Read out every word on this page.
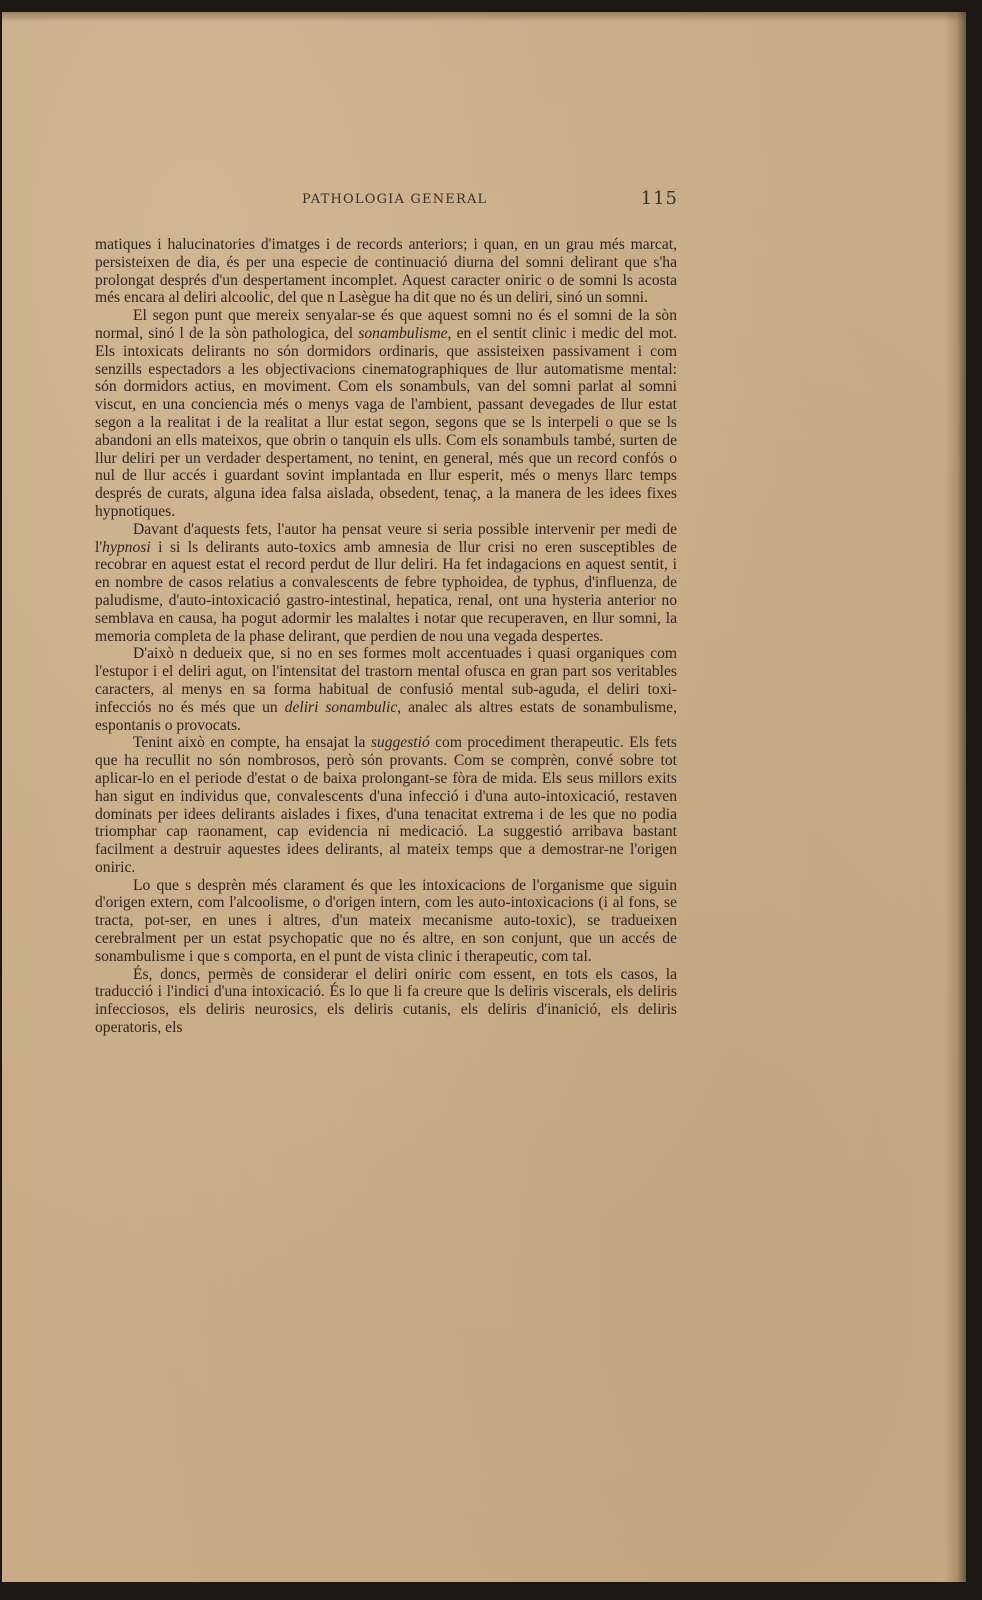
PATHOLOGIA GENERAL	115

matiques i halucinatories d'imatges i de records anteriors; i quan, en un grau més marcat, persisteixen de dia, és per una especie de continuació diurna del somni delirant que s'ha prolongat després d'un despertament incomplet. Aquest caracter oniric o de somni ls acosta més encara al deliri alcoolic, del que n Lasègue ha dit que no és un deliri, sinó un somni.

El segon punt que mereix senyalar-se és que aquest somni no és el somni de la sòn normal, sinó l de la sòn pathologica, del sonambulisme, en el sentit clinic i medic del mot. Els intoxicats delirants no són dormidors ordinaris, que assisteixen passivament i com senzills espectadors a les objectivacions cinematographiques de llur automatisme mental: són dormidors actius, en moviment. Com els sonambuls, van del somni parlat al somni viscut, en una conciencia més o menys vaga de l'ambient, passant devegades de llur estat segon a la realitat i de la realitat a llur estat segon, segons que se ls interpeli o que se ls abandoni an ells mateixos, que obrin o tanquin els ulls. Com els sonambuls també, surten de llur deliri per un verdader despertament, no tenint, en general, més que un record confós o nul de llur accés i guardant sovint implantada en llur esperit, més o menys llarc temps després de curats, alguna idea falsa aislada, obsedent, tenaç, a la manera de les idees fixes hypnotiques.

Davant d'aquests fets, l'autor ha pensat veure si seria possible intervenir per medi de l'hypnosi i si ls delirants auto-toxics amb amnesia de llur crisi no eren susceptibles de recobrar en aquest estat el record perdut de llur deliri. Ha fet indagacions en aquest sentit, i en nombre de casos relatius a convalescents de febre typhoidea, de typhus, d'influenza, de paludisme, d'auto-intoxicació gastro-intestinal, hepatica, renal, ont una hysteria anterior no semblava en causa, ha pogut adormir les malaltes i notar que recuperaven, en llur somni, la memoria completa de la phase delirant, que perdien de nou una vegada despertes.

D'això n dedueix que, si no en ses formes molt accentuades i quasi organiques com l'estupor i el deliri agut, on l'intensitat del trastorn mental ofusca en gran part sos veritables caracters, al menys en sa forma habitual de confusió mental sub-aguda, el deliri toxi-infecciós no és més que un deliri sonambulic, analec als altres estats de sonambulisme, espontanis o provocats.

Tenint això en compte, ha ensajat la suggestió com procediment therapeutic. Els fets que ha recullit no són nombrosos, però són provants. Com se comprèn, convé sobre tot aplicar-lo en el periode d'estat o de baixa prolongant-se fòra de mida. Els seus millors exits han sigut en individus que, convalescents d'una infecció i d'una auto-intoxicació, restaven dominats per idees delirants aislades i fixes, d'una tenacitat extrema i de les que no podia triomphar cap raonament, cap evidencia ni medicació. La suggestió arribava bastant facilment a destruir aquestes idees delirants, al mateix temps que a demostrar-ne l'origen oniric.

Lo que s desprèn més clarament és que les intoxicacions de l'organisme que siguin d'origen extern, com l'alcoolisme, o d'origen intern, com les auto-intoxicacions (i al fons, se tracta, pot-ser, en unes i altres, d'un mateix mecanisme auto-toxic), se tradueixen cerebralment per un estat psychopatic que no és altre, en son conjunt, que un accés de sonambulisme i que s comporta, en el punt de vista clinic i therapeutic, com tal.

És, doncs, permès de considerar el deliri oniric com essent, en tots els casos, la traducció i l'indici d'una intoxicació. És lo que li fa creure que ls deliris viscerals, els deliris infecciosos, els deliris neurosics, els deliris cutanis, els deliris d'inanició, els deliris operatoris, els
